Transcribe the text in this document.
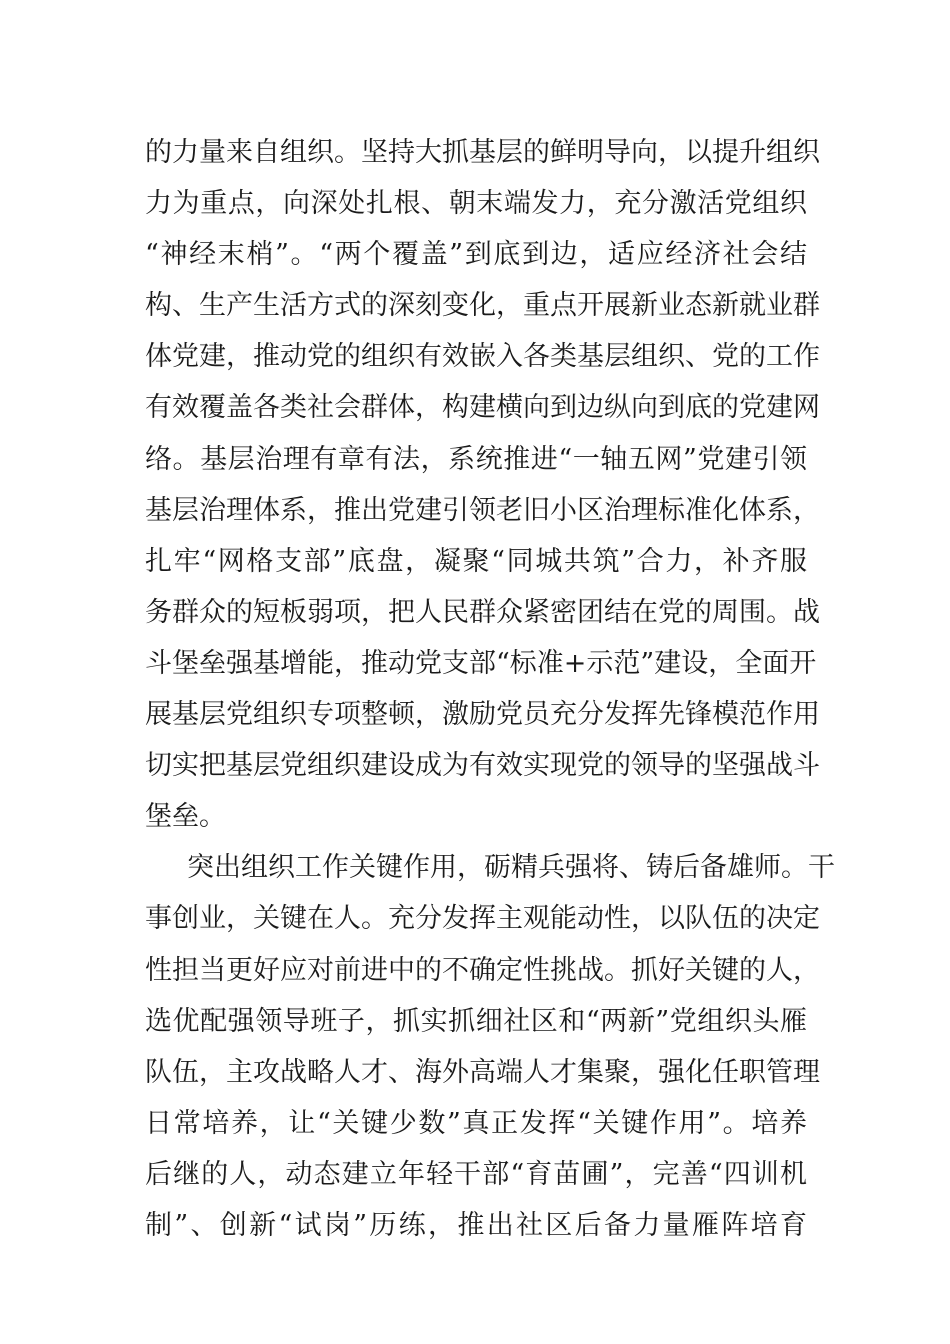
的力量来自组织。坚持大抓基层的鲜明导向，以提升组织
力为重点，向深处扎根、朝末端发力，充分激活党组织
“神经末梢”。“两个覆盖”到底到边，适应经济社会结
构、生产生活方式的深刻变化，重点开展新业态新就业群
体党建，推动党的组织有效嵌入各类基层组织、党的工作
有效覆盖各类社会群体，构建横向到边纵向到底的党建网
络。基层治理有章有法，系统推进“一轴五网”党建引领
基层治理体系，推出党建引领老旧小区治理标准化体系，
扎牢“网格支部”底盘，凝聚“同城共筑”合力，补齐服
务群众的短板弱项，把人民群众紧密团结在党的周围。战
斗堡垒强基增能，推动党支部“标准+示范”建设，全面开
展基层党组织专项整顿，激励党员充分发挥先锋模范作用
切实把基层党组织建设成为有效实现党的领导的坚强战斗
堡垒。
突出组织工作关键作用，砺精兵强将、铸后备雄师。干
事创业，关键在人。充分发挥主观能动性，以队伍的决定
性担当更好应对前进中的不确定性挑战。抓好关键的人，
选优配强领导班子，抓实抓细社区和“两新”党组织头雁
队伍，主攻战略人才、海外高端人才集聚，强化任职管理
日常培养，让“关键少数”真正发挥“关键作用”。培养
后继的人，动态建立年轻干部“育苗圃”，完善“四训机
制”、创新“试岗”历练，推出社区后备力量雁阵培育
